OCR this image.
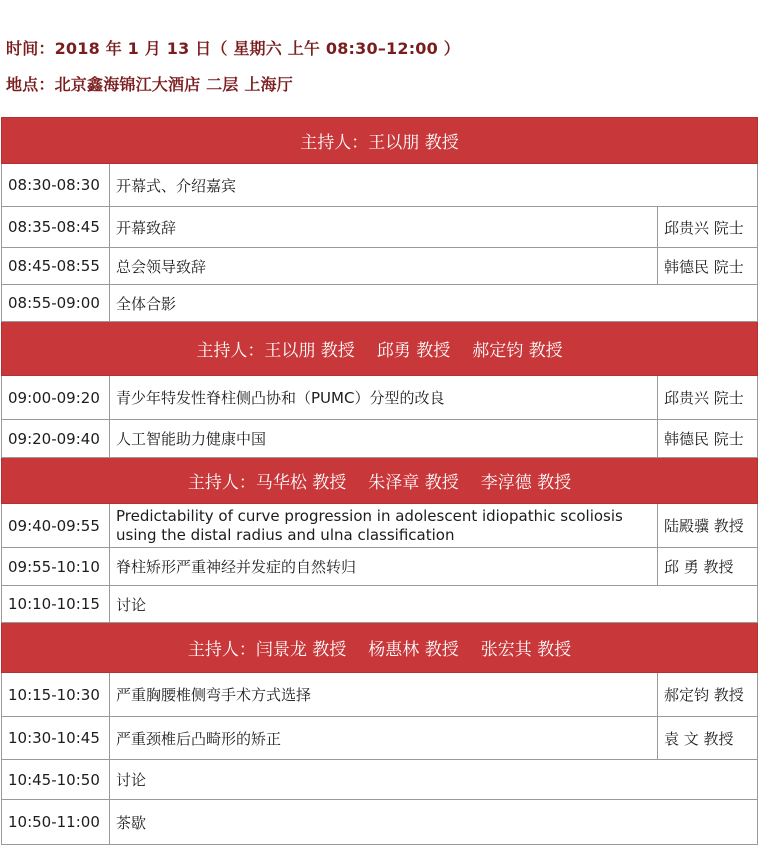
时间：2018 年 1 月 13 日（ 星期六 上午 08:30–12:00 ）
地点：北京鑫海锦江大酒店 二层 上海厅
主持人：王以朋 教授		
08:30-08:30	开幕式、介绍嘉宾	
08:35-08:45	开幕致辞	邱贵兴 院士
08:45-08:55	总会领导致辞	韩德民 院士
08:55-09:00	全体合影	
主持人：王以朋 教授 邱勇 教授 郝定钧 教授		
09:00-09:20	青少年特发性脊柱侧凸协和（PUMC）分型的改良	邱贵兴 院士
09:20-09:40	人工智能助力健康中国	韩德民 院士
主持人：马华松 教授 朱泽章 教授 李淳德 教授		
09:40-09:55	Predictability of curve progression in adolescent idiopathic scoliosis using the distal radius and ulna classification	陆殿骥 教授
09:55-10:10	脊柱矫形严重神经并发症的自然转归	邱 勇 教授
10:10-10:15	讨论	
主持人：闫景龙 教授 杨惠林 教授 张宏其 教授		
10:15-10:30	严重胸腰椎侧弯手术方式选择	郝定钧 教授
10:30-10:45	严重颈椎后凸畸形的矫正	袁 文 教授
10:45-10:50	讨论	
10:50-11:00	茶歇	
